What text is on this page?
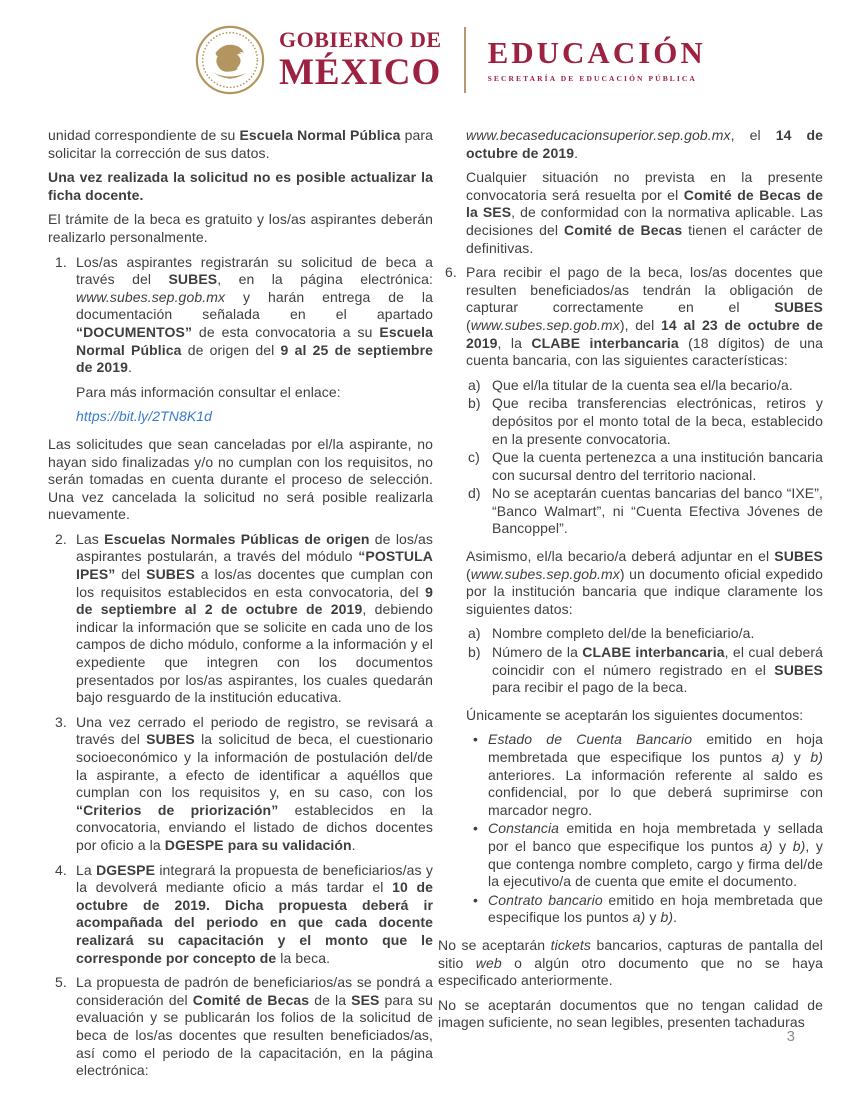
GOBIERNO DE
MÉXICO EDUCACIÓN
SECRETARÍA DE EDUCACIÓN PÚBLICA
unidad correspondiente de su Escuela Normal Pública para solicitar la corrección de sus datos.
Una vez realizada la solicitud no es posible actualizar la ficha docente.
El trámite de la beca es gratuito y los/as aspirantes deberán realizarlo personalmente.
1. Los/as aspirantes registrarán su solicitud de beca a través del SUBES, en la página electrónica: www.subes.sep.gob.mx y harán entrega de la documentación señalada en el apartado “DOCUMENTOS” de esta convocatoria a su Escuela Normal Pública de origen del 9 al 25 de septiembre de 2019.
Para más información consultar el enlace:
https://bit.ly/2TN8K1d
Las solicitudes que sean canceladas por el/la aspirante, no hayan sido finalizadas y/o no cumplan con los requisitos, no serán tomadas en cuenta durante el proceso de selección. Una vez cancelada la solicitud no será posible realizarla nuevamente.
2. Las Escuelas Normales Públicas de origen de los/as aspirantes postularán, a través del módulo “POSTULA IPES” del SUBES a los/as docentes que cumplan con los requisitos establecidos en esta convocatoria, del 9 de septiembre al 2 de octubre de 2019, debiendo indicar la información que se solicite en cada uno de los campos de dicho módulo, conforme a la información y el expediente que integren con los documentos presentados por los/as aspirantes, los cuales quedarán bajo resguardo de la institución educativa.
3. Una vez cerrado el periodo de registro, se revisará a través del SUBES la solicitud de beca, el cuestionario socioeconómico y la información de postulación del/de la aspirante, a efecto de identificar a aquéllos que cumplan con los requisitos y, en su caso, con los “Criterios de priorización” establecidos en la convocatoria, enviando el listado de dichos docentes por oficio a la DGESPE para su validación.
4. La DGESPE integrará la propuesta de beneficiarios/as y la devolverá mediante oficio a más tardar el 10 de octubre de 2019. Dicha propuesta deberá ir acompañada del periodo en que cada docente realizará su capacitación y el monto que le corresponde por concepto de la beca.
5. La propuesta de padrón de beneficiarios/as se pondrá a consideración del Comité de Becas de la SES para su evaluación y se publicarán los folios de la solicitud de beca de los/as docentes que resulten beneficiados/as, así como el periodo de la capacitación, en la página electrónica:
www.becaseducacionsuperior.sep.gob.mx, el 14 de octubre de 2019.
Cualquier situación no prevista en la presente convocatoria será resuelta por el Comité de Becas de la SES, de conformidad con la normativa aplicable. Las decisiones del Comité de Becas tienen el carácter de definitivas.
6. Para recibir el pago de la beca, los/as docentes que resulten beneficiados/as tendrán la obligación de capturar correctamente en el SUBES (www.subes.sep.gob.mx), del 14 al 23 de octubre de 2019, la CLABE interbancaria (18 dígitos) de una cuenta bancaria, con las siguientes características:
a) Que el/la titular de la cuenta sea el/la becario/a.
b) Que reciba transferencias electrónicas, retiros y depósitos por el monto total de la beca, establecido en la presente convocatoria.
c) Que la cuenta pertenezca a una institución bancaria con sucursal dentro del territorio nacional.
d) No se aceptarán cuentas bancarias del banco “IXE”, “Banco Walmart”, ni “Cuenta Efectiva Jóvenes de Bancoppel”.
Asimismo, el/la becario/a deberá adjuntar en el SUBES (www.subes.sep.gob.mx) un documento oficial expedido por la institución bancaria que indique claramente los siguientes datos:
a) Nombre completo del/de la beneficiario/a.
b) Número de la CLABE interbancaria, el cual deberá coincidir con el número registrado en el SUBES para recibir el pago de la beca.
Únicamente se aceptarán los siguientes documentos:
• Estado de Cuenta Bancario emitido en hoja membretada que especifique los puntos a) y b) anteriores. La información referente al saldo es confidencial, por lo que deberá suprimirse con marcador negro.
• Constancia emitida en hoja membretada y sellada por el banco que especifique los puntos a) y b), y que contenga nombre completo, cargo y firma del/de la ejecutivo/a de cuenta que emite el documento.
• Contrato bancario emitido en hoja membretada que especifique los puntos a) y b).
No se aceptarán tickets bancarios, capturas de pantalla del sitio web o algún otro documento que no se haya especificado anteriormente.
No se aceptarán documentos que no tengan calidad de imagen suficiente, no sean legibles, presenten tachaduras
3
